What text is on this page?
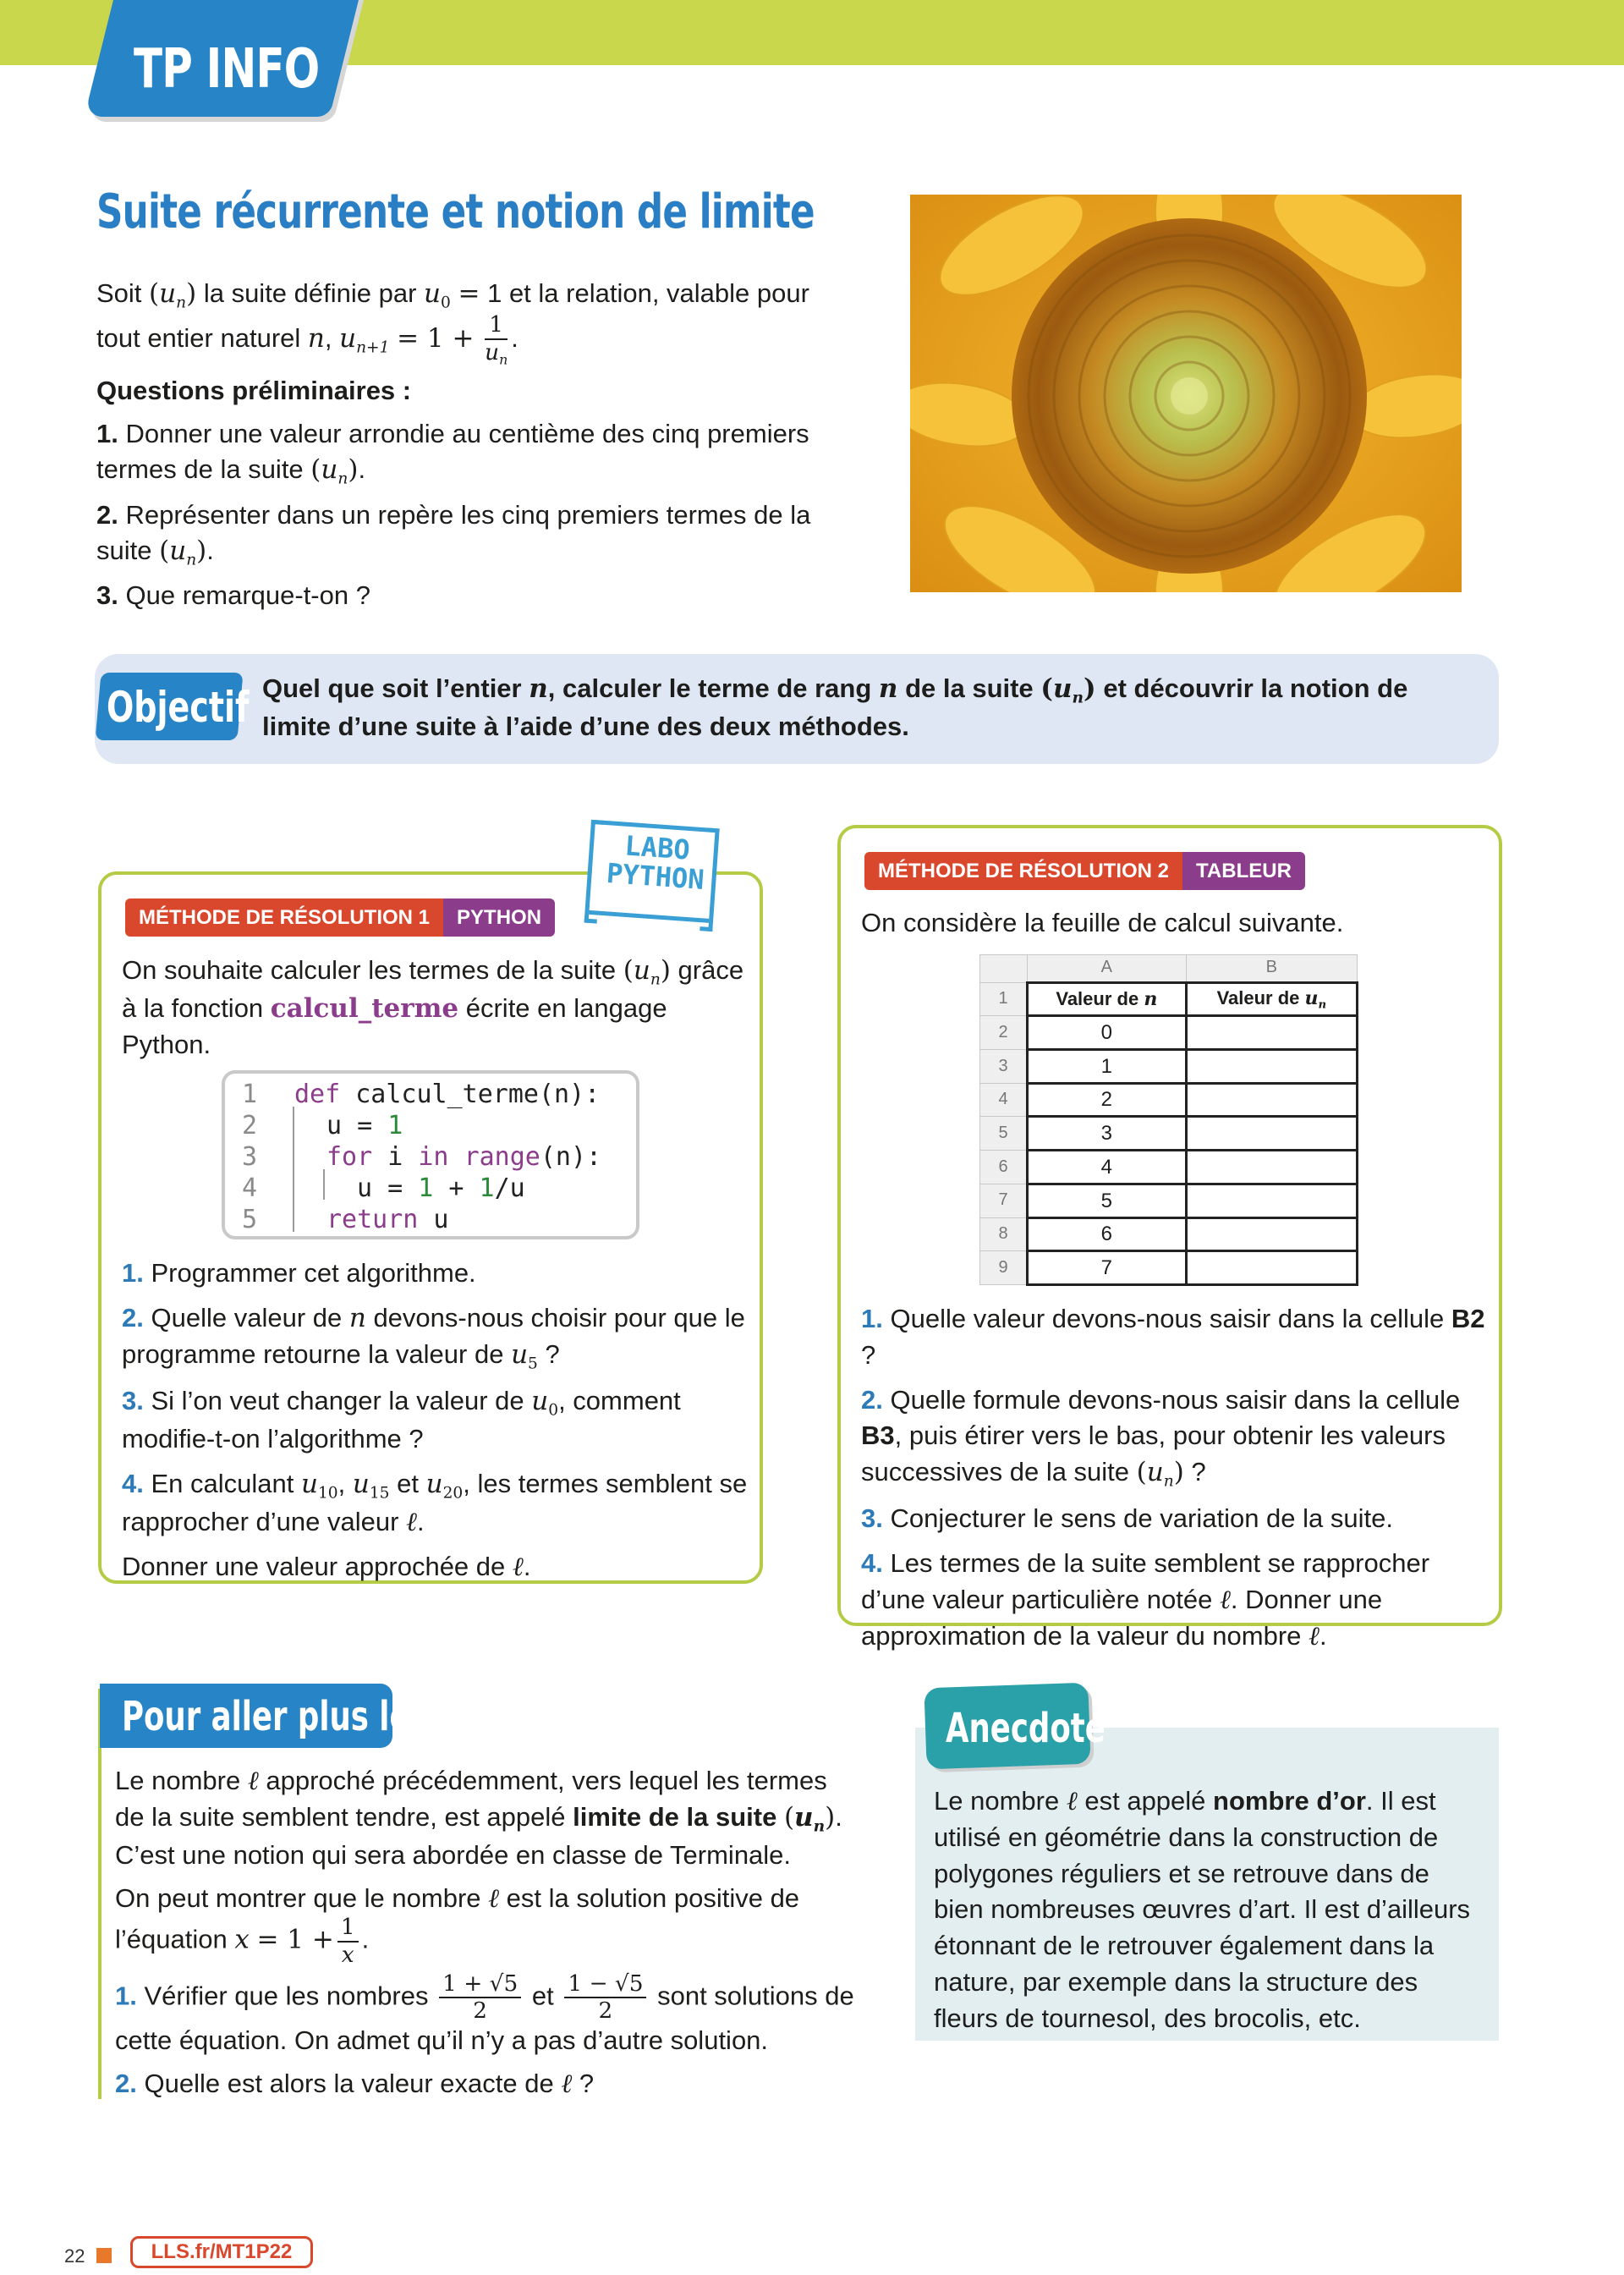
TP INFO
Suite récurrente et notion de limite

Soit $(u_n)$ la suite définie par $u_0 = 1$ et la relation, valable pour
tout entier naturel n, $u_{n+1} = 1 + \frac{1}{u_n}$ .

Questions préliminaires :

1. Donner une valeur arrondie au centième des cinq premiers termes de la suite $(u_n)$.

2. Représenter dans un repère les cinq premiers termes de la suite $(u_n)$.

3. Que remarque-t-on ?

Objectif Quel que soit l’entier n, calculer le terme de rang n de la suite $(u_n)$ et découvrir la notion de limite d’une suite à l’aide d’une des deux méthodes.
MÉTHODE DE RÉSOLUTION 1	PYTHON
LABO
PYTHON

On souhaite calculer les termes de la suite $(u_n)$ grâce à la fonction calcul_terme écrite en langage Python.

1 def calcul_terme(n):
2	u = 1
3	for i in range(n):
4	u = 1 + 1/u
5	return u

1. Programmer cet algorithme.

2. Quelle valeur de n devons-nous choisir pour que le programme retourne la valeur de $u_5$ ?

3. Si l’on veut changer la valeur de $u_0$, comment modifie-t-on l’algorithme ?

4. En calculant $u_{10}$, $u_{15}$ et $u_{20}$, les termes semblent se rapprocher d’une valeur ℓ.

Donner une valeur approchée de ℓ.

MÉTHODE DE RÉSOLUTION 2	TABLEUR
On considère la feuille de calcul suivante.
	A	B
1	Valeur de n	Valeur de $u_n$
2	0	
3	1	
4	2	
5	3	
6	4	
7	5	
8	6	
9	7	

1. Quelle valeur devons-nous saisir dans la cellule B2 ?

2. Quelle formule devons-nous saisir dans la cellule B3, puis étirer vers le bas, pour obtenir les valeurs successives de la suite $(u_n)$ ?

3. Conjecturer le sens de variation de la suite.

4. Les termes de la suite semblent se rapprocher d’une valeur particulière notée ℓ. Donner une approximation de la valeur du nombre ℓ.

Pour aller plus loin

Le nombre ℓ approché précédemment, vers lequel les termes de la suite semblent tendre, est appelé limite de la suite $(u_n)$. C’est une notion qui sera abordée en classe de Terminale.

On peut montrer que le nombre ℓ est la solution positive de l’équation $x = 1 + \frac{1}{x}$ .

1. Vérifier que les nombres $\frac{1 + √5}{2}$ et $\frac{1 - √5}{2}$ sont solutions de cette équation. On admet qu’il n’y a pas d’autre solution.

2. Quelle est alors la valeur exacte de ℓ ?

Anecdote
Le nombre ℓ est appelé nombre d’or. Il est utilisé en géométrie dans la construction de polygones réguliers et se retrouve dans de bien nombreuses œuvres d’art. Il est d’ailleurs étonnant de le retrouver également dans la nature, par exemple dans la structure des fleurs de tournesol, des brocolis, etc.
22	LLS.fr/MT1P22
